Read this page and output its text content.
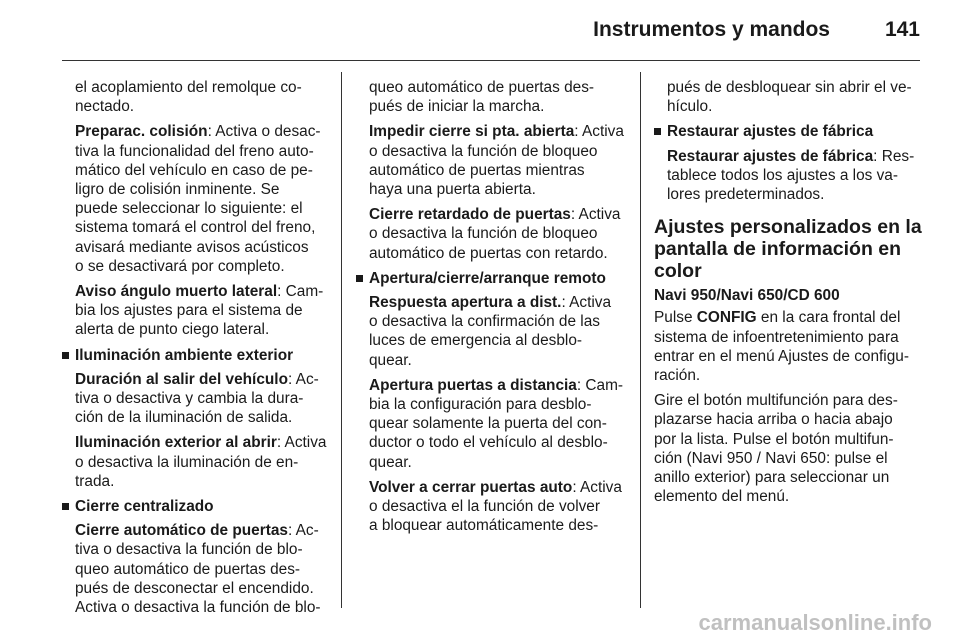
Instrumentos y mandos	141

el acoplamiento del remolque co-
nectado.

Preparac. colisión: Activa o desac-
tiva la funcionalidad del freno auto-
mático del vehículo en caso de pe-
ligro de colisión inminente. Se
puede seleccionar lo siguiente: el
sistema tomará el control del freno,
avisará mediante avisos acústicos
o se desactivará por completo.

Aviso ángulo muerto lateral: Cam-
bia los ajustes para el sistema de
alerta de punto ciego lateral.

Iluminación ambiente exterior

Duración al salir del vehículo: Ac-
tiva o desactiva y cambia la dura-
ción de la iluminación de salida.

Iluminación exterior al abrir: Activa
o desactiva la iluminación de en-
trada.

Cierre centralizado

Cierre automático de puertas: Ac-
tiva o desactiva la función de blo-
queo automático de puertas des-
pués de desconectar el encendido.
Activa o desactiva la función de blo-

queo automático de puertas des-
pués de iniciar la marcha.

Impedir cierre si pta. abierta: Activa
o desactiva la función de bloqueo
automático de puertas mientras
haya una puerta abierta.

Cierre retardado de puertas: Activa
o desactiva la función de bloqueo
automático de puertas con retardo.

Apertura/cierre/arranque remoto

Respuesta apertura a dist.: Activa
o desactiva la confirmación de las
luces de emergencia al desblo-
quear.

Apertura puertas a distancia: Cam-
bia la configuración para desblo-
quear solamente la puerta del con-
ductor o todo el vehículo al desblo-
quear.

Volver a cerrar puertas auto: Activa
o desactiva el la función de volver
a bloquear automáticamente des-

pués de desbloquear sin abrir el ve-
hículo.

Restaurar ajustes de fábrica

Restaurar ajustes de fábrica: Res-
tablece todos los ajustes a los va-
lores predeterminados.

Ajustes personalizados en la
pantalla de información en color
Navi 950/Navi 650/CD 600

Pulse CONFIG en la cara frontal del
sistema de infoentretenimiento para
entrar en el menú Ajustes de configu-
ración.

Gire el botón multifunción para des-
plazarse hacia arriba o hacia abajo
por la lista. Pulse el botón multifun-
ción (Navi 950 / Navi 650: pulse el
anillo exterior) para seleccionar un
elemento del menú.

carmanualsonline.info
